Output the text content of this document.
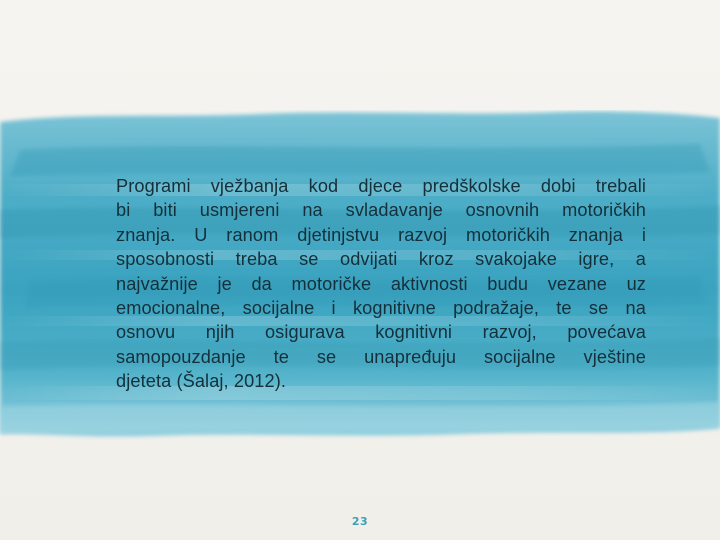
Programi vježbanja kod djece predškolske dobi trebali
bi biti usmjereni na svladavanje osnovnih motoričkih
znanja. U ranom djetinjstvu razvoj motoričkih znanja i
sposobnosti treba se odvijati kroz svakojake igre, a
najvažnije je da motoričke aktivnosti budu vezane uz
emocionalne, socijalne i kognitivne podražaje, te se na
osnovu njih osigurava kognitivni razvoj, povećava
samopouzdanje te se unapređuju socijalne vještine
djeteta (Šalaj, 2012).
23
